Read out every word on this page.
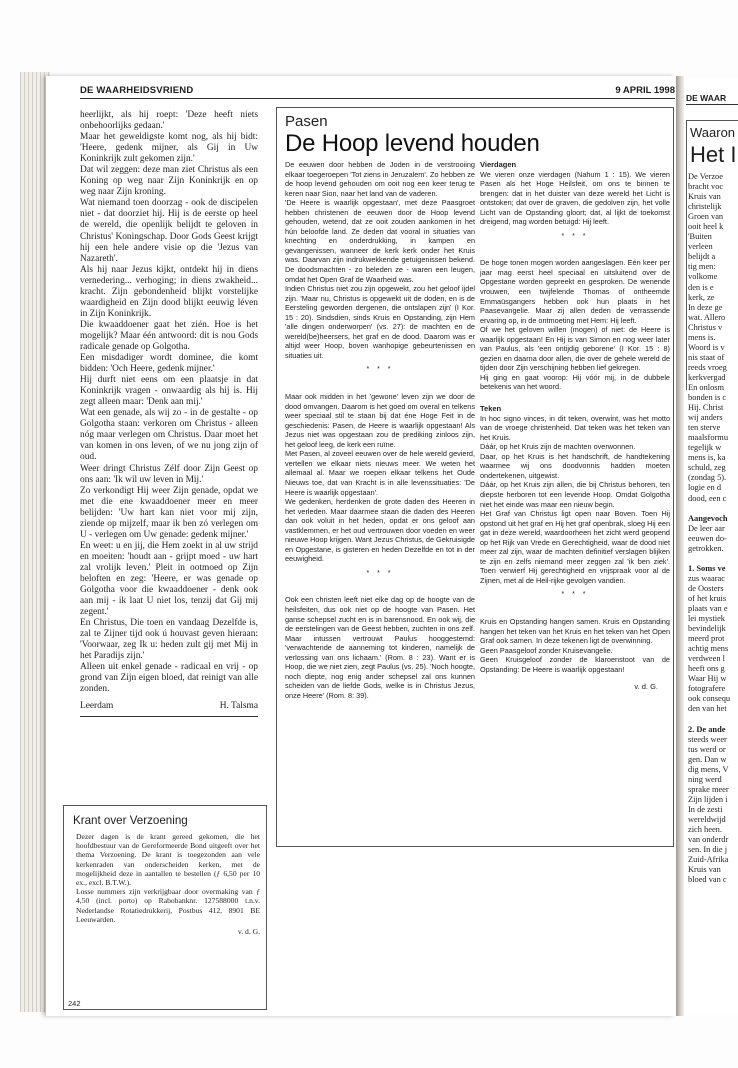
DE WAARHEIDSVRIEND	9 APRIL 1998

heerlijkt, als hij roept: 'Deze heeft niets onbehoorlijks gedaan.'

Maar het geweldigste komt nog, als hij bidt: 'Heere, gedenk mijner, als Gij in Uw Koninkrijk zult gekomen zijn.'

Dat wil zeggen: deze man ziet Christus als een Koning op weg naar Zijn Koninkrijk en op weg naar Zijn kroning.

Wat niemand toen doorzag - ook de discipelen niet - dat doorziet hij. Hij is de eerste op heel de wereld, die openlijk belijdt te geloven in Christus' Koningschap. Door Gods Geest krijgt hij een hele andere visie op die 'Jezus van Nazareth'.

Als hij naar Jezus kijkt, ontdekt hij in diens vernedering... verhoging; in diens zwakheid... kracht. Zijn gebondenheid blijkt vorstelijke waardigheid en Zijn dood blijkt eeuwig léven in Zijn Koninkrijk.

Die kwaaddoener gaat het zién. Hoe is het mogelijk? Maar één antwoord: dit is nou Gods radicale genade op Golgotha.

Een misdadiger wordt dominee, die komt bidden: 'Och Heere, gedenk mijner.'

Hij durft niet eens om een plaatsje in dat Koninkrijk vragen - onwaardig als hij is. Hij zegt alleen maar: 'Denk aan mij.'

Wat een genade, als wij zo - in de gestalte - op Golgotha staan: verkoren om Christus - alleen nóg maar verlegen om Christus. Daar moet het van komen in ons leven, of we nu jong zijn of oud.

Weer dringt Christus Zélf door Zijn Geest op ons aan: 'Ik wil uw leven in Mij.'

Zo verkondigt Hij weer Zijn genade, opdat we met die ene kwaaddoener meer en meer belijden: 'Uw hart kan niet voor mij zijn, ziende op mijzelf, maar ik ben zó verlegen om U - verlegen om Uw genade: gedenk mijner.'

En weet: u en jij, die Hem zoekt in al uw strijd en moeiten: 'houdt aan - grijpt moed - uw hart zal vrolijk leven.' Pleit in ootmoed op Zijn beloften en zeg: 'Heere, er was genade op Golgotha voor die kwaaddoener - denk ook aan mij - ik laat U niet los, tenzij dat Gij mij zegent.'

En Christus, Die toen en vandaag Dezelfde is, zal te Zijner tijd ook ú houvast geven hieraan: 'Voorwaar, zeg Ik u: heden zult gij met Mij in het Paradijs zijn.'

Alleen uit enkel genade - radicaal en vrij - op grond van Zijn eigen bloed, dat reinigt van alle zonden.

Leerdam	H. Talsma
Pasen
De Hoop levend houden

De eeuwen door hebben de Joden in de verstrooiing elkaar toegeroepen 'Tot ziens in Jeruzalem'. Zo hebben ze de hoop levend gehouden om ooit nog een keer terug te keren naar Sion, naar het land van de vaderen.

'De Heere is waarlijk opgestaan', met deze Paasgroet hebben christenen de eeuwen door de Hoop levend gehouden, wetend, dat ze ooit zouden aankomen in het hún beloofde land. Ze deden dat vooral in situaties van knechting en onderdrukking, in kampen en gevangenissen, wanneer de kerk kerk onder het Kruis was. Daarvan zijn indrukwekkende getuigenissen bekend. De doodsmachten - zo beleden ze - waren een leugen, omdat het Open Graf de Waarheid was.

Indien Christus niet zou zijn opgewekt, zou het geloof ijdel zijn. 'Maar nu, Christus is opgewekt uit de doden, en is de Eersteling geworden dergenen, die ontslapen zijn' (I Kor. 15 : 20). Sindsdien, sinds Kruis en Opstanding, zijn Hem 'alle dingen onderworpen' (vs. 27): de machten en de wereld(be)heersers, het graf en de dood. Daarom was er altijd weer Hoop, boven wanhopige gebeurtenissen en situaties uit.

* * *

Maar ook midden in het 'gewone' leven zijn we door de dood omvangen. Daarom is het goed om overal en telkens weer speciaal stil te staan bij dat éne Hoge Feit in de geschiedenis: Pasen, de Heere is waarlijk opgestaan! Als Jezus niet was opgestaan zou de prediking zinloos zijn, het geloof leeg, de kerk een ruïne.

Met Pasen, al zoveel eeuwen over de hele wereld gevierd, vertellen we elkaar niets nieuws meer. We weten het allemaal al. Maar we roepen elkaar telkens het Oude Nieuws toe, dat van Kracht is in alle levenssituaties: 'De Heere is waarlijk opgestaan'.

We gedenken, herdenken de grote daden des Heeren in het verleden. Maar daarmee staan die daden des Heeren dan ook voluit in het heden, opdat er ons geloof aan vastklemmen, er het oud vertrouwen door voeden en weer nieuwe Hoop krijgen. Want Jezus Christus, de Gekruisigde en Opgestane, is gisteren en heden Dezelfde en tot in der eeuwigheid.

* * *

Ook een christen leeft niet elke dag op de hoogte van de heilsfeiten, dus ook niet op de hoogte van Pasen. Het ganse schepsel zucht en is in barensnood. En ook wij, die de eerstelingen van de Geest hebben, zuchten in ons zelf. Maar intussen vertrouwt Paulus hooggestemd: 'verwachtende de aanneming tot kinderen, namelijk de verlossing van ons lichaam.' (Rom. 8 : 23). Want er is Hoop, die we niet zien, zegt Paulus (vs. 25). 'Noch hoogte, noch diepte, nog enig ander schepsel zal ons kunnen scheiden van de liefde Gods, welke is in Christus Jezus, onze Heere' (Rom. 8: 39).

Vierdagen

We vieren onze vierdagen (Nahum 1 : 15). We vieren Pasen als het Hoge Heilsfeit, om ons te binnen te brengen: dat in het duister van deze wereld het Licht is ontstoken; dat over de graven, die gedolven zijn, het volle Licht van de Opstanding gloort; dat, al lijkt de toekomst dreigend, mag worden betuigd: Hij leeft.

* * *

De hoge tonen mogen worden aangeslagen. Eén keer per jaar mag eerst heel speciaal en uitsluitend over de Opgestane worden gepreekt en gesproken. De wenende vrouwen, een twijfelende Thomas of ontheemde Emmaüsgangers hebben ook hun plaats in het Paasevangelie. Maar zij allen deden de verrassende ervaring op, in de ontmoeting met Hem: Hij leeft.

Of we het geloven willen (mogen) of niet: de Heere is waarlijk opgestaan! En Hij is van Simon en nog weer later van Paulus, als 'een ontijdig geborene' (I Kor. 15 : 8) gezien en daarna door allen, die over de gehele wereld de tijden door Zijn verschijning hebben lief gekregen.

Hij ging en gaat voorop: Hij vóór mij, in de dubbele betekenis van het woord.

Teken

In hoc signo vinces, in dit teken, overwint, was het motto van de vroege christenheid. Dat teken was het teken van het Kruis.

Dáár, op het Kruis zijn de machten overwonnen.

Daar, op het Kruis is het handschrift, de handtekening waarmee wij ons doodvonnis hadden moeten ondertekenen, uitgewist.

Dáár, op het Kruis zijn allen, die bij Christus behoren, ten diepste herboren tot een levende Hoop. Omdat Golgotha niet het einde was maar een nieuw begin.

Het Graf van Christus ligt open naar Boven. Toen Hij opstond uit het graf en Hij het graf openbrak, sloeg Hij een gat in deze wereld, waardoorheen het zicht werd geopend op het Rijk van Vrede en Gerechtigheid, waar de dood niet meer zal zijn, waar de machten definitief verslagen blijken te zijn en zelfs niemand meer zeggen zal 'ik ben ziek'. Toen verwierf Hij gerechtigheid en vrijspraak voor al de Zijnen, met al de Heil-rijke gevolgen vandien.

* * *

Kruis en Opstanding hangen samen. Kruis en Opstanding hangen het teken van het Kruis en het teken van het Open Graf ook samen. In deze tekenen ligt de overwinning.

Geen Paasgeloof zonder Kruisevangelie.

Geen Kruisgeloof zonder de klaroenstoot van de Opstanding: De Heere is waarlijk opgestaan!

v. d. G.
Krant over Verzoening

Dezer dagen is de krant gereed gekomen, die het hoofdbestuur van de Gereformeerde Bond uitgeeft over het thema Verzoening. De krant is toegezonden aan vele kerkenraden van onderscheiden kerken, met de mogelijkheid deze in aantallen te bestellen (ƒ 6,50 per 10 ex., excl. B.T.W.).

Losse nummers zijn verkrijgbaar door overmaking van ƒ 4,50 (incl. porto) op Rabobanknr. 127588000 t.n.v. Nederlandse Rotatiedrukkerij, Postbus 412, 8901 BE Leeuwarden.

v. d. G.
242
DE WAAR
Waaron
Het I
De Verzoe
bracht voc
Kruis van
christelijk
Groen van
ooit heel k
'Buiten
verleen
belijdt a
tig men:
volkome
den is e
kerk, ze
In deze ge
wat. Allero
Christus v
mens is.
Woord is v
nis staat of
reeds vroeg
kerkvergad
En onlosm
bonden is c
Hij. Christ
wij anders
ten sterve
maalsformu
tegelijk w
mens is, ka
schuld, zeg
(zondag 5).
logie en d
dood, een c
Aangevoch
De leer aar
eeuwen do-
getrokken.
1. Soms ve
zus waarac
de Oosters
of het kruis
plaats van e
lei mystiek
bevindelijk
meerd prot
achtig mens
verdween l
heeft ons g
Waar Hij w
fotografere
ook consequ
den van het
2. De ande
steeds weer
tus werd or
gen. Dan w
dig mens, V
ning werd
sprake meer
Zijn lijden i
In de zesti
wereldwijd
zich heen.
van onderdr
sen. In die j
Zuid-Afrika
Kruis van
bloed van c
